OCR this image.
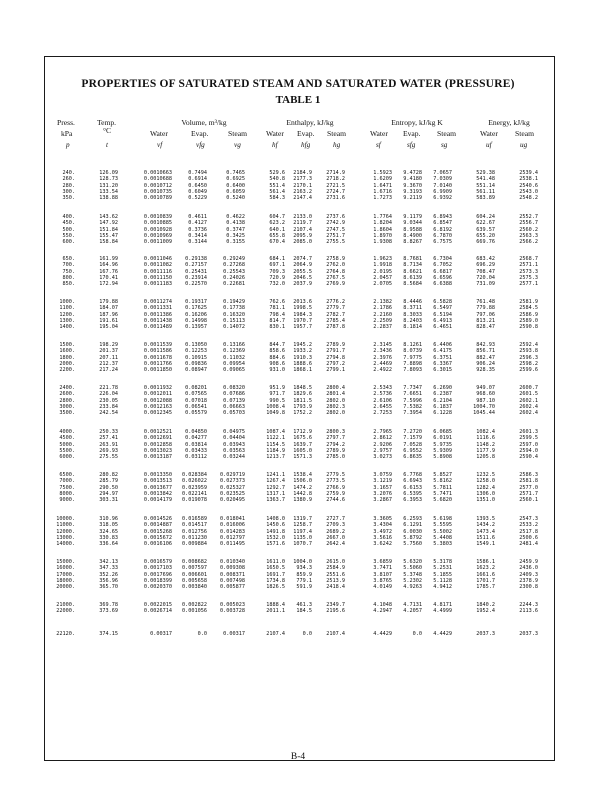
PROPERTIES OF SATURATED STEAM AND SATURATED WATER (PRESSURE)
TABLE 1
Press.
kPa
p
Temp.
°C
t
Volume, m³/kg
Water	Evap.	Steam
vf	vfg	vg
Enthalpy, kJ/kg
Water Evap. Steam
hf	hfg	hg
Entropy, kJ/kg K
Water Evap. Steam
sf	sfg	sg
Energy, kJ/kg
Water Steam
uf	ug
240.	126.09	0.0010663	0.7494	0.7465	529.6 2184.9	2714.9	1.5923 9.4728 7.0657	529.38	2539.4
260.	128.73	0.0010688	0.6914	0.6925	540.8 2177.3	2718.2	1.6209 9.4180 7.0309	541.48	2538.1
280.	131.20	0.0010712	0.6450	0.6400	551.4 2170.1	2721.5	1.6471 9.3670 7.0140	551.14	2540.6
300.	133.54	0.0010735	0.6049	0.6059	561.4 2163.2	2724.7	1.6716 9.3193 6.9909	561.11	2543.0
350.	138.88	0.0010789	0.5229	0.5240	584.3 2147.4	2731.6	1.7273 9.2119 6.9392	583.89	2548.2
400.	143.62	0.0010839	0.4611	0.4622	604.7 2133.0	2737.6	1.7764 9.1179 6.8943	604.24	2552.7
450.	147.92	0.0010885	0.4127	0.4138	623.2 2119.7	2742.9	1.8204 9.0344 6.8547	622.67	2556.7
500.	151.84	0.0010928	0.3736	0.3747	640.1 2107.4	2747.5	1.8604 8.9588 6.8192	639.57	2560.2
550.	155.47	0.0010969	0.3414	0.3425	655.8 2095.9	2751.7	1.8970 8.4900 6.7870	655.20	2563.3
600.	158.84	0.0011009	0.3144	0.3155	670.4 2085.0	2755.5	1.9308 8.8267 6.7575	669.76	2566.2
650.	161.99	0.0011046	0.29138	0.29249	684.1 2074.7	2758.9	1.9623 8.7681 6.7304	683.42	2568.7
700.	164.96	0.0011082	0.27157	0.27268	697.1 2064.9	2762.0	1.9918 8.7134 6.7052	696.29	2571.1
750.	167.76	0.0011116	0.25431	0.25543	709.3 2055.5	2764.8	2.0195 8.6621 6.6817	708.47	2573.3
800.	170.41	0.0011150	0.23914	0.24026	720.9 2046.5	2767.5	2.0457 8.6139 6.6596	720.04	2575.3
850.	172.94	0.0011183	0.22570	0.22681	732.0 2037.9	2769.9	2.0705 8.5684 6.6388	731.09	2577.1
1000.	179.88	0.0011274	0.19317	0.19429	762.6 2013.6	2776.2	2.1382 8.4446 6.5828	761.48	2581.9
1100.	184.07	0.0011331	0.17625	0.17738	781.1 1998.5	2779.7	2.1786 8.3711 6.5497	779.88	2584.5
1200.	187.96	0.0011386	0.16206	0.16320	798.4 1984.3	2782.7	2.2160 8.3033 6.5194	797.06	2586.9
1300.	191.61	0.0011438	0.14998	0.15113	814.7 1970.7	2785.4	2.2509 8.2403 6.4913	813.21	2589.0
1400.	195.04	0.0011489	0.13957	0.14072	830.1 1957.7	2787.8	2.2837 8.1814 6.4651	828.47	2590.8
1500.	198.29	0.0011539	0.13050	0.13166	844.7 1945.2	2789.9	2.3145 8.1261 6.4406	842.93	2592.4
1600.	201.37	0.0011586	0.12253	0.12369	858.6 1933.2	2791.7	2.3436 8.0739 6.4175	856.71	2593.8
1800.	207.11	0.0011678	0.10915	0.11032	884.6 1910.3	2794.8	2.3976 7.9775 6.3751	882.47	2596.3
2000.	212.37	0.0011766	0.09836	0.09954	908.6 1888.6	2797.2	2.4469 7.8898 6.3367	906.24	2598.2
2200.	217.24	0.0011850	0.08947	0.09065	931.0 1868.1	2799.1	2.4922 7.8093 6.3015	928.35	2599.6
2400.	221.78	0.0011932	0.08201	0.08320	951.9 1848.5	2800.4	2.5343 7.7347 6.2690	949.07	2600.7
2600.	226.04	0.0012011	0.07565	0.07686	971.7 1829.6	2801.4	2.5736 7.6651 6.2387	968.60	2601.5
2800.	230.05	0.0012088	0.07018	0.07139	990.5 1811.5	2802.0	2.6106 7.5996 6.2104	987.10	2602.1
3000.	233.84	0.0012163	0.06541	0.06663	1008.4 1793.9	2802.3	2.6455 7.5382 6.1837	1004.70	2602.4
3500.	242.54	0.0012345	0.05579	0.05703	1049.8 1752.2	2802.0	2.7253 7.3954 6.1228	1045.44	2602.4
4000.	250.33	0.0012521	0.04850	0.04975	1087.4 1712.9	2800.3	2.7965 7.2720 6.0685	1082.4	2601.3
4500.	257.41	0.0012691	0.04277	0.04404	1122.1 1675.6	2797.7	2.8612 7.1579 6.0191	1116.6	2599.5
5000.	263.91	0.0012858	0.03814	0.03943	1154.5 1639.7	2794.2	2.9206 7.0528 5.9735	1148.2	2597.0
5500.	269.93	0.0013023	0.03433	0.03563	1184.9 1605.0	2789.9	2.9757 6.9552 5.9309	1177.9	2594.0
6000.	275.55	0.0013187	0.03112	0.03244	1213.7 1571.3	2785.0	3.0273 6.8635 5.8908	1205.8	2590.4
6500.	280.82	0.0013350 0.028384	0.029719	1241.1 1538.4	2779.5	3.0759 6.7768 5.8527	1232.5	2586.3
7000.	285.79	0.0013513 0.026022	0.027373	1267.4 1506.0	2773.5	3.1219 6.6943 5.8162	1258.0	2581.8
7500.	290.50	0.0013677 0.023959	0.025327	1292.7 1474.2	2766.9	3.1657 6.6153 5.7811	1282.4	2577.0
8000.	294.97	0.0013842 0.022141	0.023525	1317.1 1442.8	2759.9	3.2076 6.5395 5.7471	1306.0	2571.7
9000.	303.31	0.0014179 0.019078	0.020495	1363.7 1380.9	2744.6	3.2867 6.3953 5.6820	1351.0	2560.1
10000.	310.96	0.0014526 0.016589	0.018041	1408.0 1319.7	2727.7	3.3605 6.2593 5.6198	1393.5	2547.3
11000.	318.05	0.0014887 0.014517	0.016006	1450.6 1258.7	2709.3	3.4304 6.1291 5.5595	1434.2	2533.2
12000.	324.65	0.0015268 0.012756	0.014283	1491.8 1197.4	2689.2	3.4972 6.0030 5.5002	1473.4	2517.8
13000.	330.83	0.0015672 0.011230	0.012797	1532.0 1135.0	2667.0	3.5616 5.8792 5.4408	1511.6	2500.6
14000.	336.64	0.0016106 0.009884	0.011495	1571.6 1070.7	2642.4	3.6242 5.7560 5.3803	1549.1	2481.4
15000.	342.13	0.0016579 0.008682	0.010340	1611.0 1004.0	2615.0	3.6859 5.6320 5.3178	1586.1	2459.9
16000.	347.33	0.0017103 0.007597	0.009308	1650.5 934.3	2584.9	3.7471 5.5060 5.2531	1623.2	2436.0
17000.	352.26	0.0017696 0.006601	0.008371	1691.7 859.9	2551.6	3.8107 5.3748 5.1855	1661.6	2409.3
18000.	356.96	0.0018399 0.005658	0.007498	1734.8 779.1	2513.9	3.8765 5.2302 5.1128	1701.7	2378.9
20000.	365.70	0.0020370 0.003840	0.005877	1826.5 591.9	2418.4	4.0149 4.9263 4.9412	1785.7	2300.8
21000.	369.78	0.0022015 0.002822	0.005023	1888.4 461.3	2349.7	4.1048 4.7131 4.8171	1840.2	2244.3
22000.	373.69	0.0026714 0.001056	0.003728	2011.1 184.5	2195.6	4.2947 4.2057 4.4999	1952.4	2113.6
22120.	374.15	0.00317	0.0	0.00317	2107.4	0.0	2107.4	4.4429	0.0 4.4429	2037.3	2037.3
B-4
